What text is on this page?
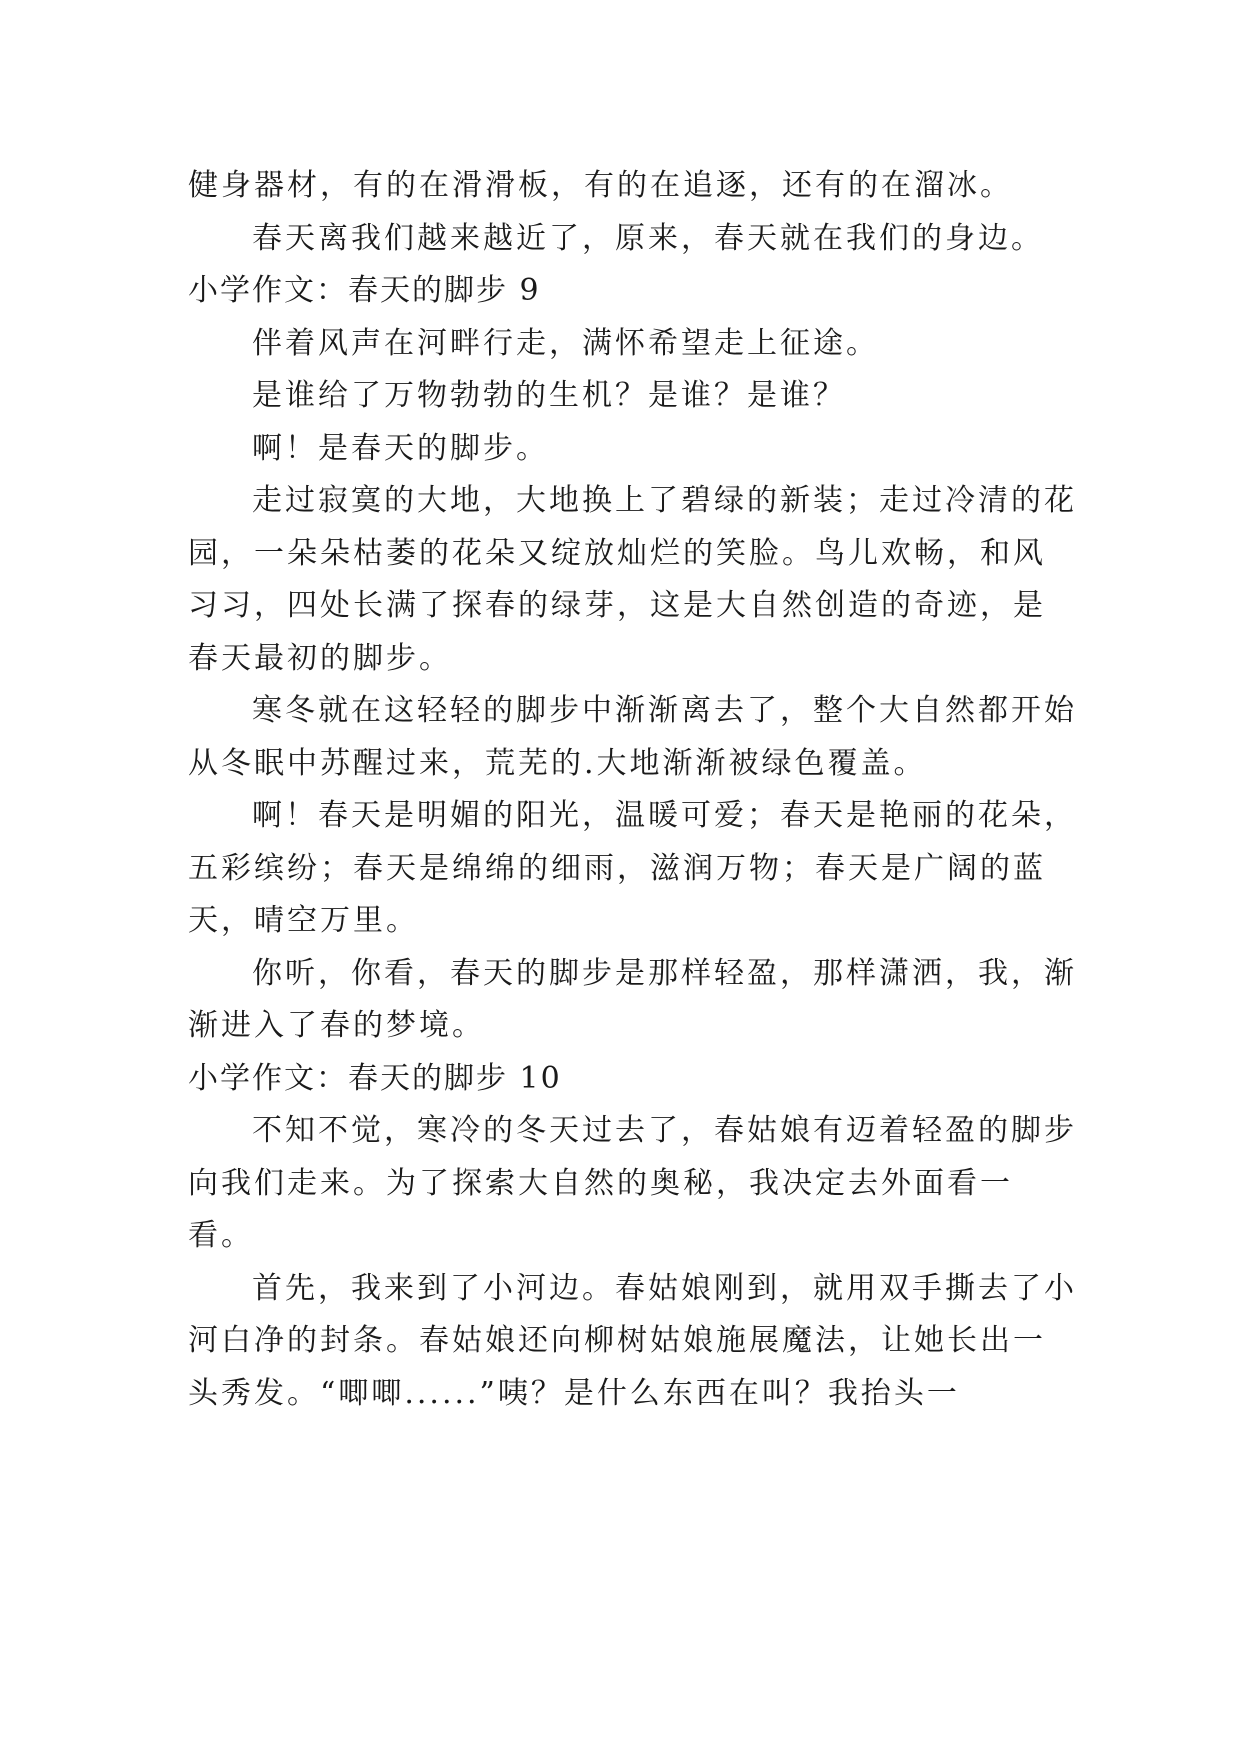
健身器材，有的在滑滑板，有的在追逐，还有的在溜冰。

春天离我们越来越近了，原来，春天就在我们的身边。

小学作文：春天的脚步 9

伴着风声在河畔行走，满怀希望走上征途。

是谁给了万物勃勃的生机？是谁？是谁？

啊！是春天的脚步。

走过寂寞的大地，大地换上了碧绿的新装；走过冷清的花园，一朵朵枯萎的花朵又绽放灿烂的笑脸。鸟儿欢畅，和风习习，四处长满了探春的绿芽，这是大自然创造的奇迹，是春天最初的脚步。

寒冬就在这轻轻的脚步中渐渐离去了，整个大自然都开始从冬眠中苏醒过来，荒芜的.大地渐渐被绿色覆盖。

啊！春天是明媚的阳光，温暖可爱；春天是艳丽的花朵，五彩缤纷；春天是绵绵的细雨，滋润万物；春天是广阔的蓝天，晴空万里。

你听，你看，春天的脚步是那样轻盈，那样潇洒，我，渐渐进入了春的梦境。

小学作文：春天的脚步 10

不知不觉，寒冷的冬天过去了，春姑娘有迈着轻盈的脚步向我们走来。为了探索大自然的奥秘，我决定去外面看一看。

首先，我来到了小河边。春姑娘刚到，就用双手撕去了小河白净的封条。春姑娘还向柳树姑娘施展魔法，让她长出一头秀发。“唧唧......”咦？是什么东西在叫？我抬头一
